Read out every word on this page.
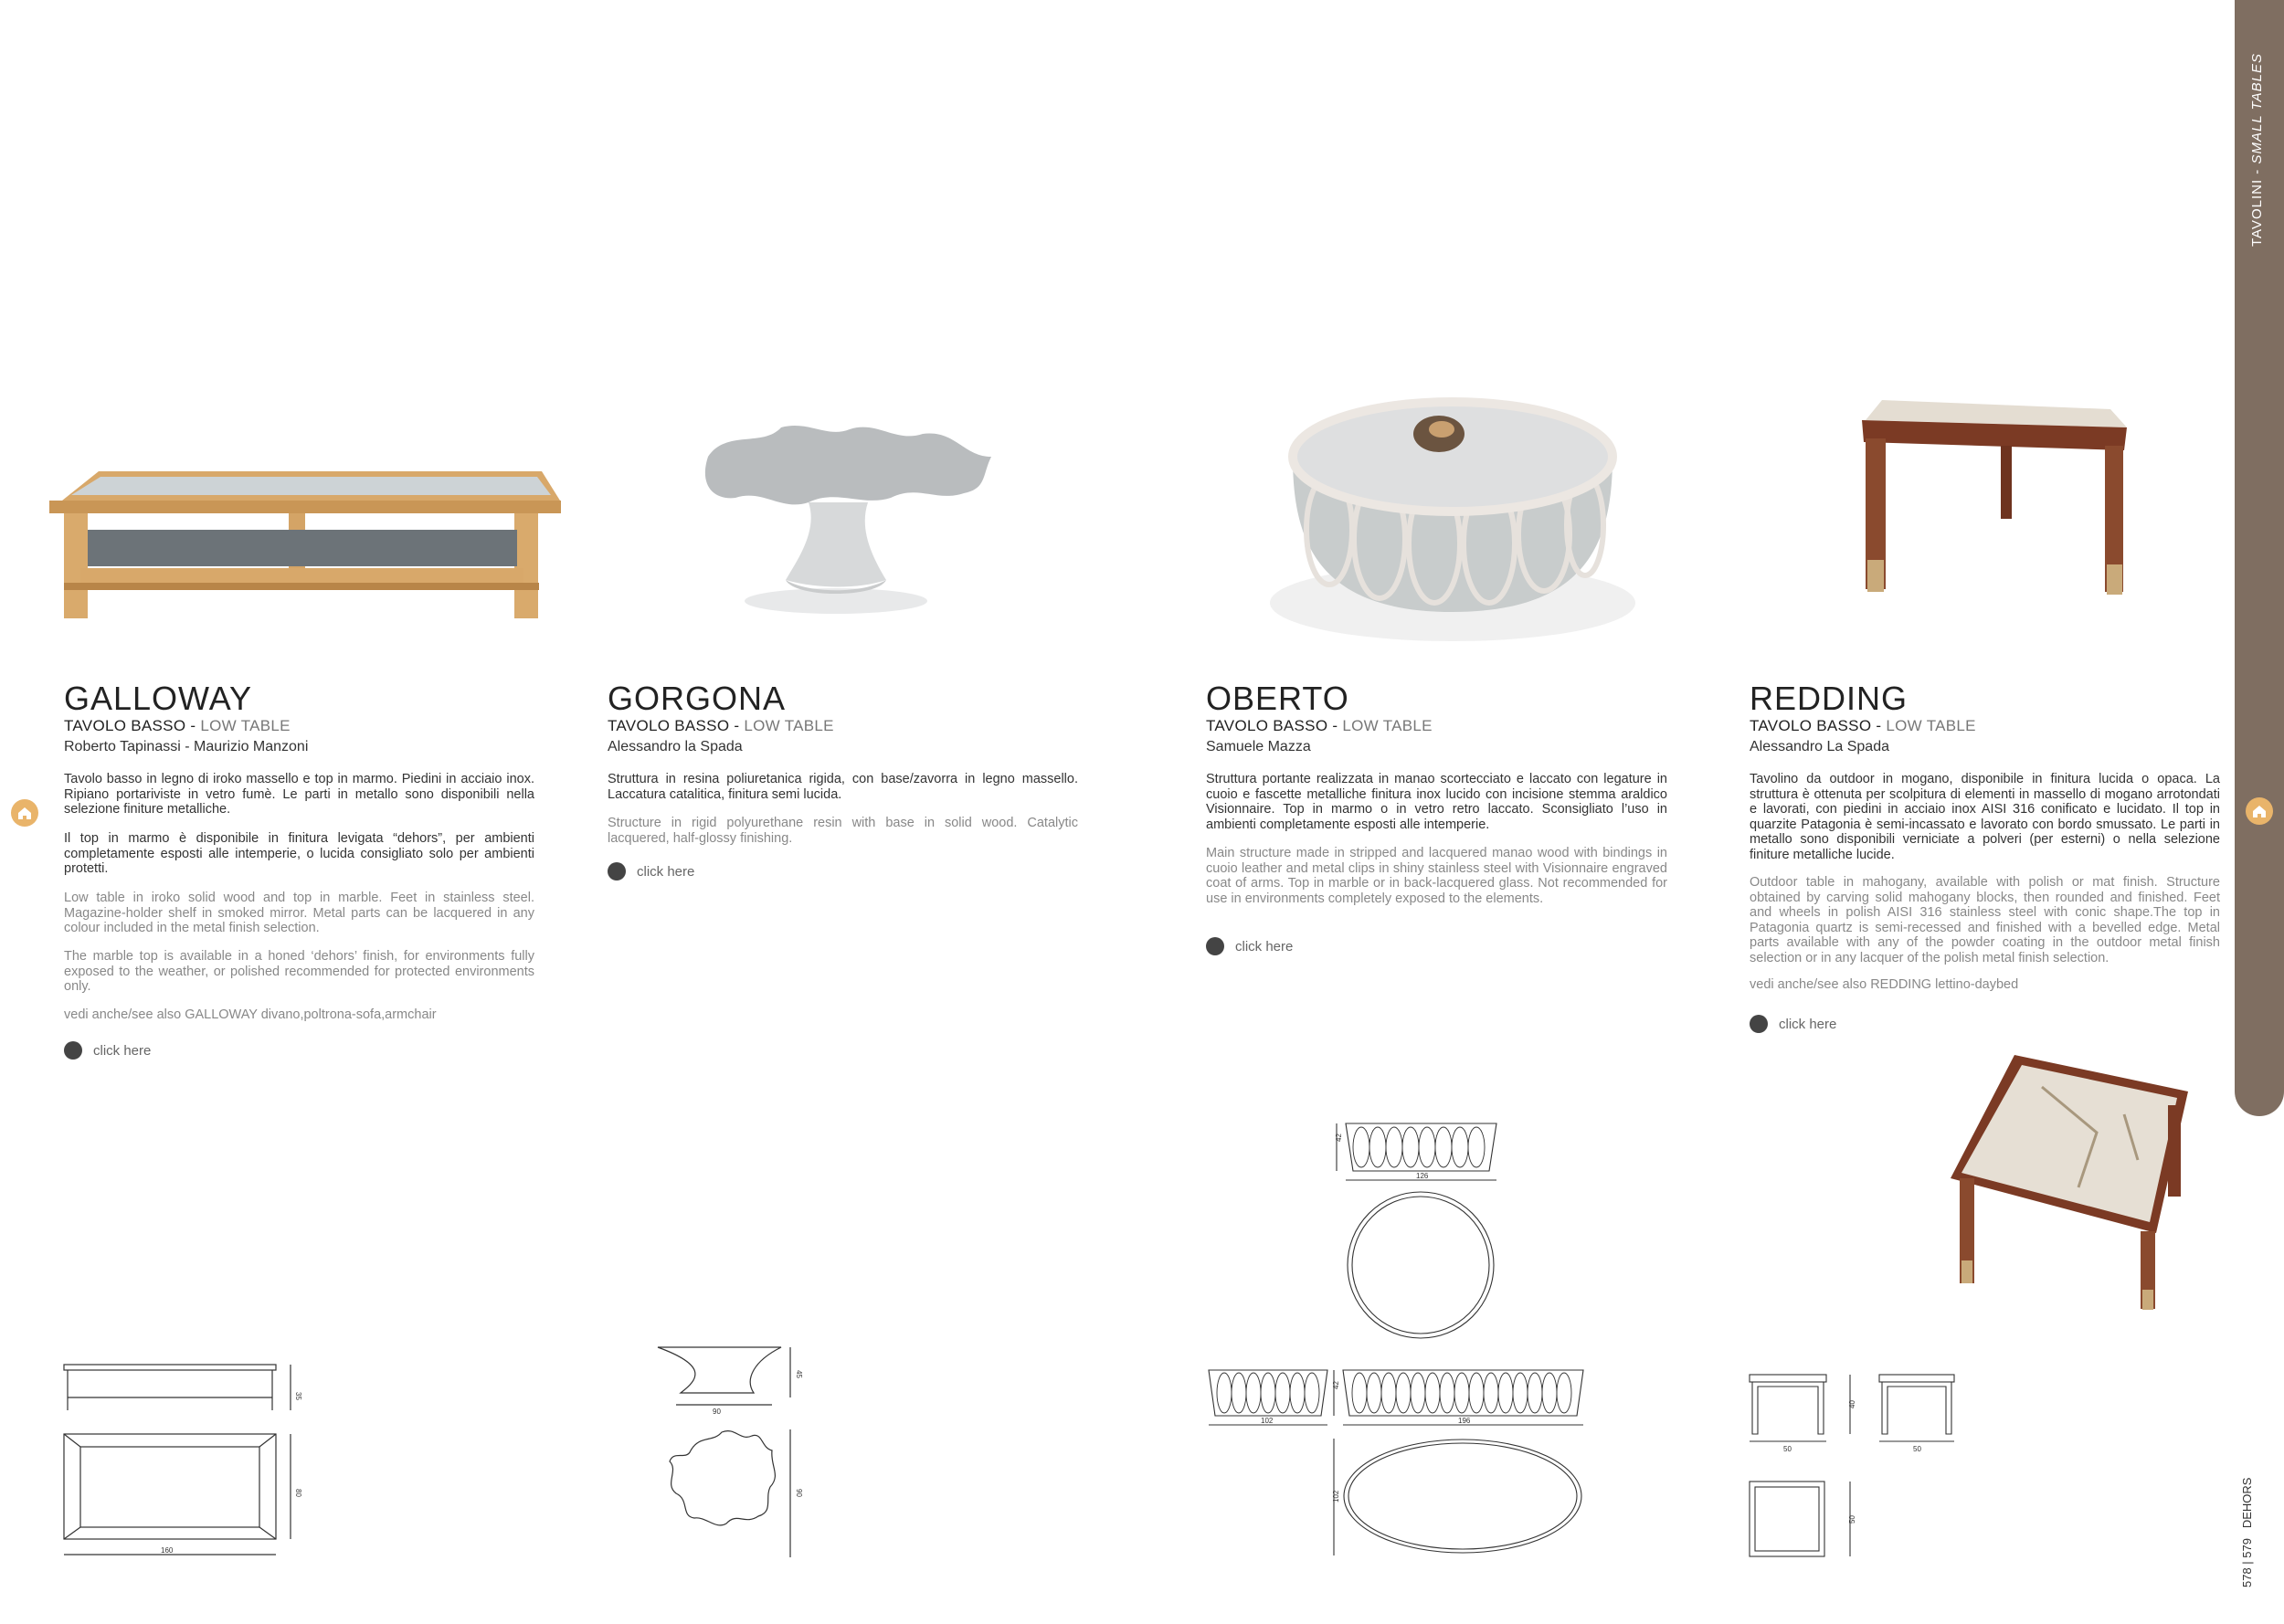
TAVOLINI - SMALL TABLES
578 | 579   DEHORS
GALLOWAY
TAVOLO BASSO - LOW TABLE
Roberto Tapinassi - Maurizio Manzoni
Tavolo basso in legno di iroko massello e top in marmo. Piedini in acciaio inox. Ripiano portariviste in vetro fumè. Le parti in metallo sono disponibili nella selezione finiture metalliche.
Il top in marmo è disponibile in finitura levigata “dehors”, per ambienti completamente esposti alle intemperie, o lucida consigliato solo per ambienti protetti.
Low table in iroko solid wood and top in marble. Feet in stainless steel. Magazine-holder shelf in smoked mirror. Metal parts can be lacquered in any colour included in the metal finish selection.
The marble top is available in a honed ‘dehors’ finish, for environments fully exposed to the weather, or polished recommended for protected environments only.
vedi anche/see also GALLOWAY divano,poltrona-sofa,armchair
click here
35
80
160
GORGONA
TAVOLO BASSO - LOW TABLE
Alessandro la Spada
Struttura in resina poliuretanica rigida, con base/zavorra in legno massello. Laccatura catalitica, finitura semi lucida.
Structure in rigid polyurethane resin with base in solid wood. Catalytic lacquered, half-glossy finishing.
click here
45
90
90
OBERTO
TAVOLO BASSO - LOW TABLE
Samuele Mazza
Struttura portante realizzata in manao scortecciato e laccato con legature in cuoio e fascette metalliche finitura inox lucido con incisione stemma araldico Visionnaire. Top in marmo o in vetro retro laccato. Sconsigliato l’uso in ambienti completamente esposti alle intemperie.
Main structure made in stripped and lacquered manao wood with bindings in cuoio leather and metal clips in shiny stainless steel with Visionnaire engraved coat of arms. Top in marble or in back-lacquered glass. Not recommended for use in environments completely exposed to the elements.
click here
42
126
102
42
196
102
REDDING
TAVOLO BASSO - LOW TABLE
Alessandro La Spada
Tavolino da outdoor in mogano, disponibile in finitura lucida o opaca. La struttura è ottenuta per scolpitura di elementi in massello di mogano arrotondati e lavorati, con piedini in acciaio inox AISI 316 conificato e lucidato. Il top in quarzite Patagonia è semi-incassato e lavorato con bordo smussato. Le parti in metallo sono disponibili verniciate a polveri (per esterni) o nella selezione finiture metalliche lucide.
Outdoor table in mahogany, available with polish or mat finish. Structure obtained by carving solid mahogany blocks, then rounded and finished. Feet and wheels in polish AISI 316 stainless steel with conic shape.The top in Patagonia quartz is semi-recessed and finished with a bevelled edge. Metal parts available with any of the powder coating in the outdoor metal finish selection or in any lacquer of the polish metal finish selection.
vedi anche/see also REDDING lettino-daybed
click here
50
40
50
50
